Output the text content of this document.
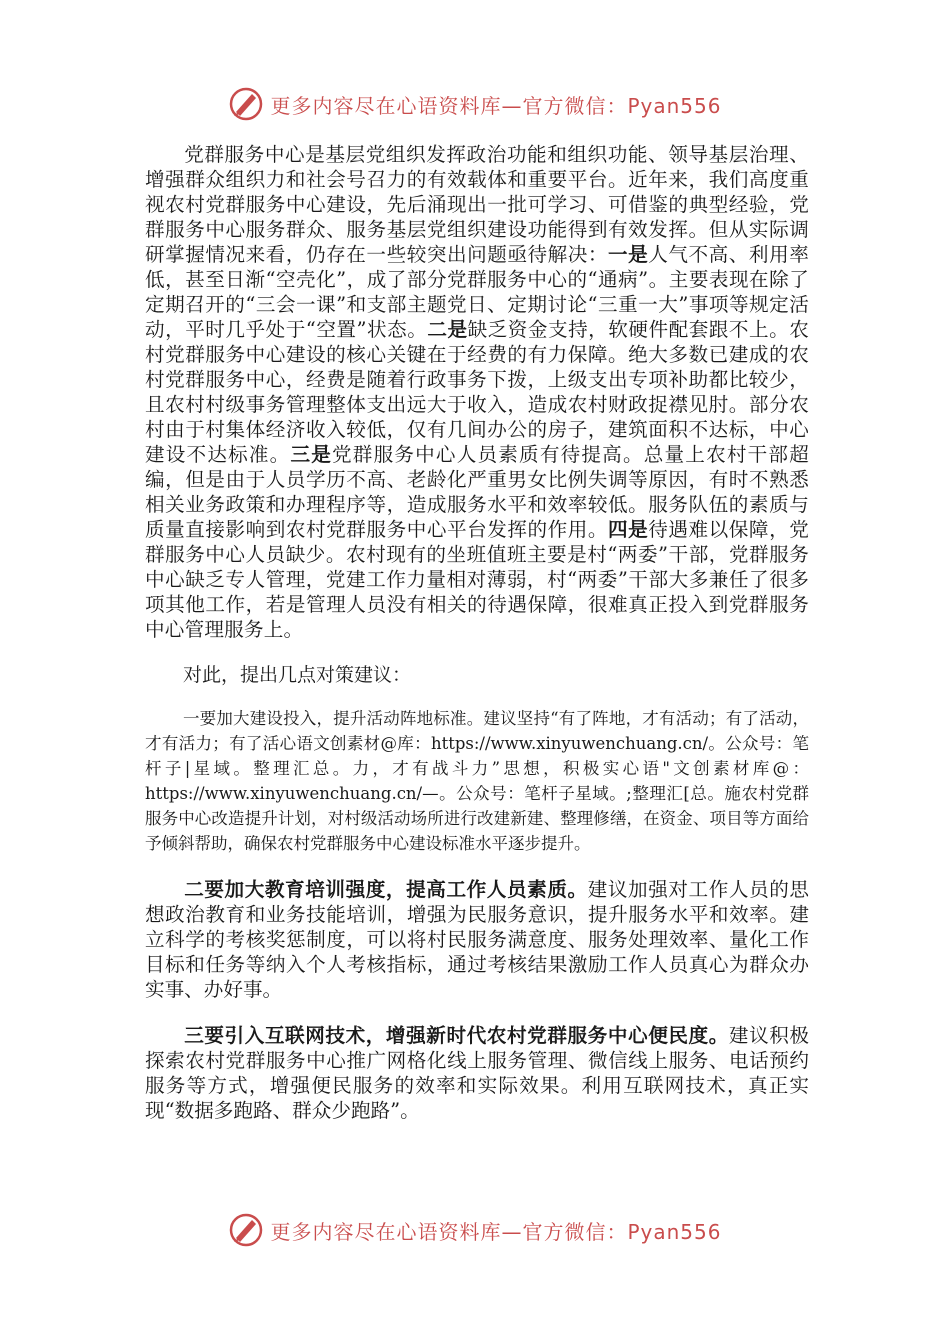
更多内容尽在心语资料库—官方微信：Pyan556

党群服务中心是基层党组织发挥政治功能和组织功能、领导基层治理、增强群众组织力和社会号召力的有效载体和重要平台。近年来，我们高度重视农村党群服务中心建设，先后涌现出一批可学习、可借鉴的典型经验，党群服务中心服务群众、服务基层党组织建设功能得到有效发挥。但从实际调研掌握情况来看，仍存在一些较突出问题亟待解决：一是人气不高、利用率低，甚至日渐“空壳化”，成了部分党群服务中心的“通病”。主要表现在除了定期召开的“三会一课”和支部主题党日、定期讨论“三重一大”事项等规定活动，平时几乎处于“空置”状态。二是缺乏资金支持，软硬件配套跟不上。农村党群服务中心建设的核心关键在于经费的有力保障。绝大多数已建成的农村党群服务中心，经费是随着行政事务下拨，上级支出专项补助都比较少，且农村村级事务管理整体支出远大于收入，造成农村财政捉襟见肘。部分农村由于村集体经济收入较低，仅有几间办公的房子，建筑面积不达标，中心建设不达标准。三是党群服务中心人员素质有待提高。总量上农村干部超编，但是由于人员学历不高、老龄化严重男女比例失调等原因，有时不熟悉相关业务政策和办理程序等，造成服务水平和效率较低。服务队伍的素质与质量直接影响到农村党群服务中心平台发挥的作用。四是待遇难以保障，党群服务中心人员缺少。农村现有的坐班值班主要是村“两委”干部，党群服务中心缺乏专人管理，党建工作力量相对薄弱，村“两委”干部大多兼任了很多项其他工作，若是管理人员没有相关的待遇保障，很难真正投入到党群服务中心管理服务上。

对此，提出几点对策建议：

一要加大建设投入，提升活动阵地标准。建议坚持“有了阵地，才有活动；有了活动，才有活力；有了活心语文创素材@库：https://www.xinyuwenchuang.cn/。公众号：笔杆子|星域。整理汇总。力，才有战斗力”思想，积极实心语"文创素材库@：https://www.xinyuwenchuang.cn/—。公众号：笔杆子星域。;整理汇[总。施农村党群服务中心改造提升计划，对村级活动场所进行改建新建、整理修缮，在资金、项目等方面给予倾斜帮助，确保农村党群服务中心建设标准水平逐步提升。

二要加大教育培训强度，提高工作人员素质。建议加强对工作人员的思想政治教育和业务技能培训，增强为民服务意识，提升服务水平和效率。建立科学的考核奖惩制度，可以将村民服务满意度、服务处理效率、量化工作目标和任务等纳入个人考核指标，通过考核结果激励工作人员真心为群众办实事、办好事。

三要引入互联网技术，增强新时代农村党群服务中心便民度。建议积极探索农村党群服务中心推广网格化线上服务管理、微信线上服务、电话预约服务等方式，增强便民服务的效率和实际效果。利用互联网技术，真正实现“数据多跑路、群众少跑路”。

更多内容尽在心语资料库—官方微信：Pyan556
